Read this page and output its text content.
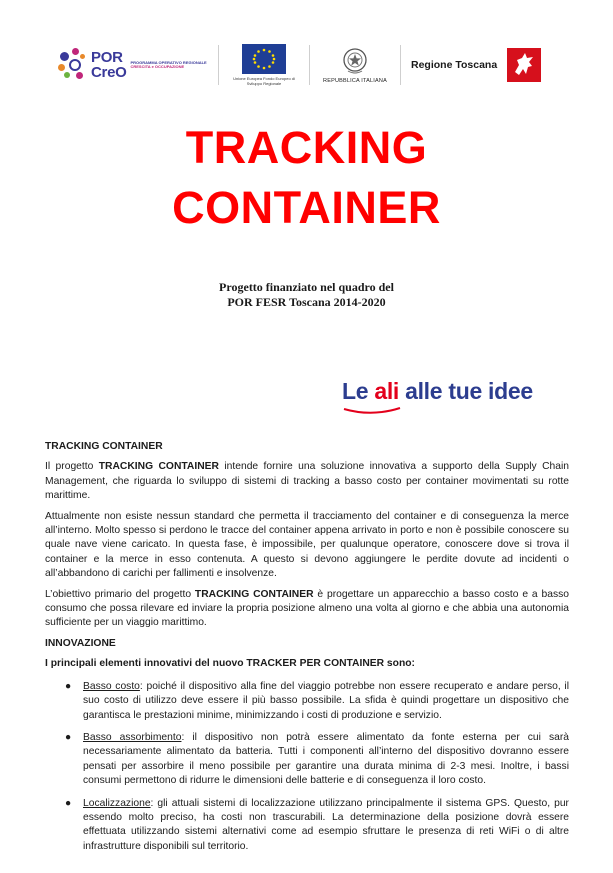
POR
CreO
PROGRAMMA OPERATIVO REGIONALE
CRESCITA e OCCUPAZIONE
Unione Europea Fondo Europeo di Sviluppo Regionale	REPUBBLICA ITALIANA
Regione Toscana
TRACKING
CONTAINER
Progetto finanziato nel quadro del
POR FESR Toscana 2014-2020
Le ali alle tue idee
TRACKING CONTAINER

Il progetto TRACKING CONTAINER intende fornire una soluzione innovativa a supporto della Supply Chain Management, che riguarda lo sviluppo di sistemi di tracking a basso costo per container movimentati su rotte marittime.

Attualmente non esiste nessun standard che permetta il tracciamento del container e di conseguenza la merce all’interno. Molto spesso si perdono le tracce del container appena arrivato in porto e non è possibile conoscere su quale nave viene caricato. In questa fase, è impossibile, per qualunque operatore, conoscere dove si trova il container e la merce in esso contenuta. A questo si devono aggiungere le perdite dovute ad incidenti o all’abbandono di carichi per fallimenti e insolvenze.

L’obiettivo primario del progetto TRACKING CONTAINER è progettare un apparecchio a basso costo e a basso consumo che possa rilevare ed inviare la propria posizione almeno una volta al giorno e che abbia una autonomia sufficiente per un viaggio marittimo.

INNOVAZIONE
I principali elementi innovativi del nuovo TRACKER PER CONTAINER sono:
● Basso costo: poiché il dispositivo alla fine del viaggio potrebbe non essere recuperato e andare perso, il suo costo di utilizzo deve essere il più basso possibile. La sfida è quindi progettare un dispositivo che garantisca le prestazioni minime, minimizzando i costi di produzione e servizio.
● Basso assorbimento: il dispositivo non potrà essere alimentato da fonte esterna per cui sarà necessariamente alimentato da batteria. Tutti i componenti all’interno del dispositivo dovranno essere pensati per assorbire il meno possibile per garantire una durata minima di 2-3 mesi. Inoltre, i bassi consumi permettono di ridurre le dimensioni delle batterie e di conseguenza il loro costo.
● Localizzazione: gli attuali sistemi di localizzazione utilizzano principalmente il sistema GPS. Questo, pur essendo molto preciso, ha costi non trascurabili. La determinazione della posizione dovrà essere effettuata utilizzando sistemi alternativi come ad esempio sfruttare le presenza di reti WiFi o di altre infrastrutture disponibili sul territorio.
